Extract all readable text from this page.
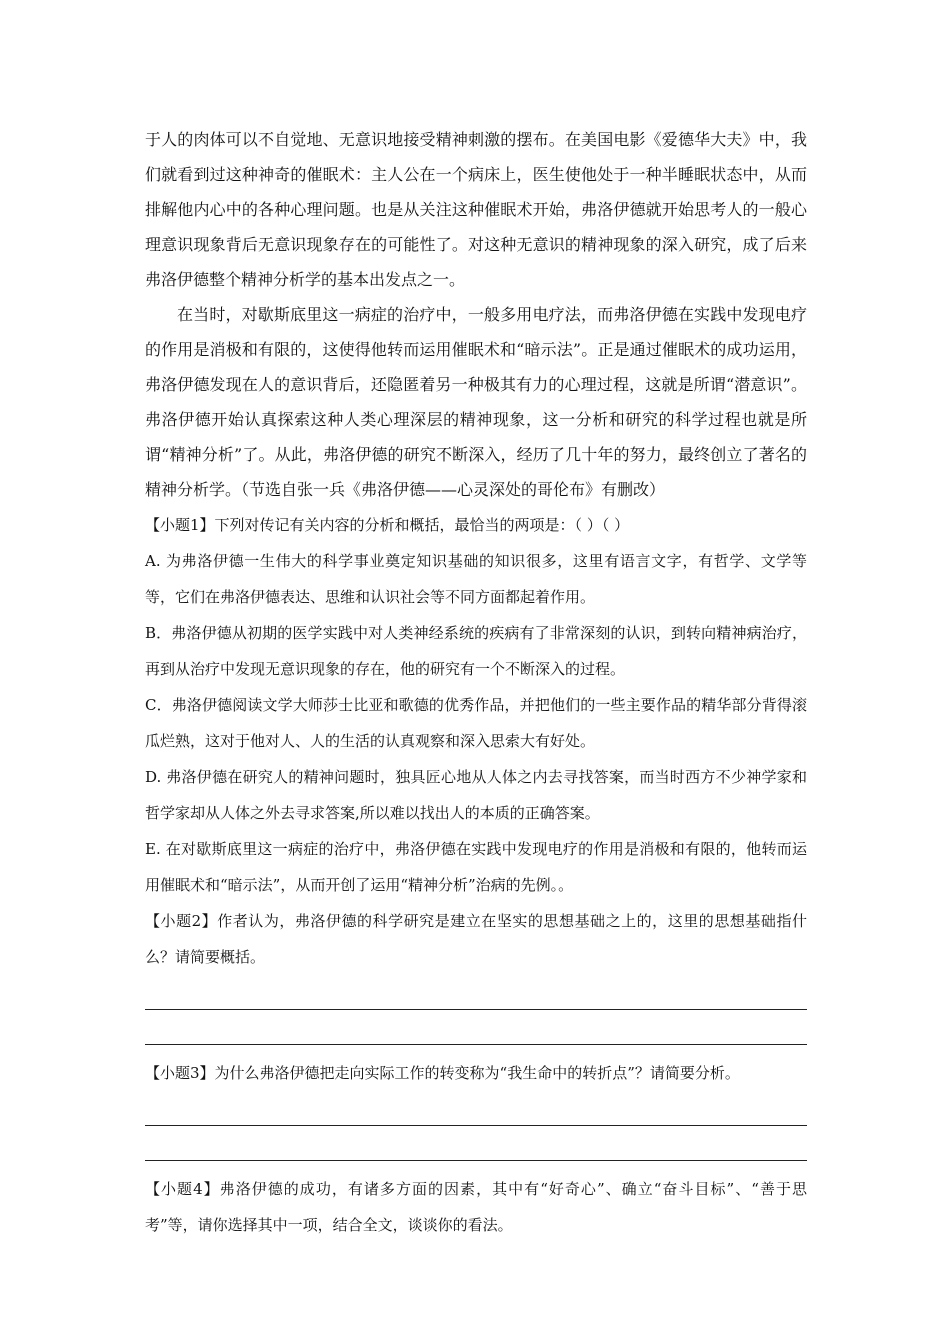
于人的肉体可以不自觉地、无意识地接受精神刺激的摆布。在美国电影《爱德华大夫》中，我们就看到过这种神奇的催眠术：主人公在一个病床上，医生使他处于一种半睡眠状态中，从而排解他内心中的各种心理问题。也是从关注这种催眠术开始，弗洛伊德就开始思考人的一般心理意识现象背后无意识现象存在的可能性了。对这种无意识的精神现象的深入研究，成了后来弗洛伊德整个精神分析学的基本出发点之一。

在当时，对歇斯底里这一病症的治疗中，一般多用电疗法，而弗洛伊德在实践中发现电疗的作用是消极和有限的，这使得他转而运用催眠术和“暗示法”。正是通过催眠术的成功运用，弗洛伊德发现在人的意识背后，还隐匿着另一种极其有力的心理过程，这就是所谓“潜意识”。弗洛伊德开始认真探索这种人类心理深层的精神现象，这一分析和研究的科学过程也就是所谓“精神分析”了。从此，弗洛伊德的研究不断深入，经历了几十年的努力，最终创立了著名的精神分析学。（节选自张一兵《弗洛伊德——心灵深处的哥伦布》有删改）

【小题1】下列对传记有关内容的分析和概括，最恰当的两项是：（ ）（ ）

A. 为弗洛伊德一生伟大的科学事业奠定知识基础的知识很多，这里有语言文字，有哲学、文学等等，它们在弗洛伊德表达、思维和认识社会等不同方面都起着作用。

B．弗洛伊德从初期的医学实践中对人类神经系统的疾病有了非常深刻的认识，到转向精神病治疗，再到从治疗中发现无意识现象的存在，他的研究有一个不断深入的过程。

C．弗洛伊德阅读文学大师莎士比亚和歌德的优秀作品，并把他们的一些主要作品的精华部分背得滚瓜烂熟，这对于他对人、人的生活的认真观察和深入思索大有好处。

D. 弗洛伊德在研究人的精神问题时，独具匠心地从人体之内去寻找答案，而当时西方不少神学家和哲学家却从人体之外去寻求答案,所以难以找出人的本质的正确答案。

E. 在对歇斯底里这一病症的治疗中，弗洛伊德在实践中发现电疗的作用是消极和有限的，他转而运用催眠术和“暗示法”，从而开创了运用“精神分析”治病的先例。。

【小题2】作者认为，弗洛伊德的科学研究是建立在坚实的思想基础之上的，这里的思想基础指什么？请简要概括。

【小题3】为什么弗洛伊德把走向实际工作的转变称为“我生命中的转折点”？请简要分析。

【小题4】弗洛伊德的成功，有诸多方面的因素，其中有“好奇心”、确立“奋斗目标”、“善于思考”等，请你选择其中一项，结合全文，谈谈你的看法。
